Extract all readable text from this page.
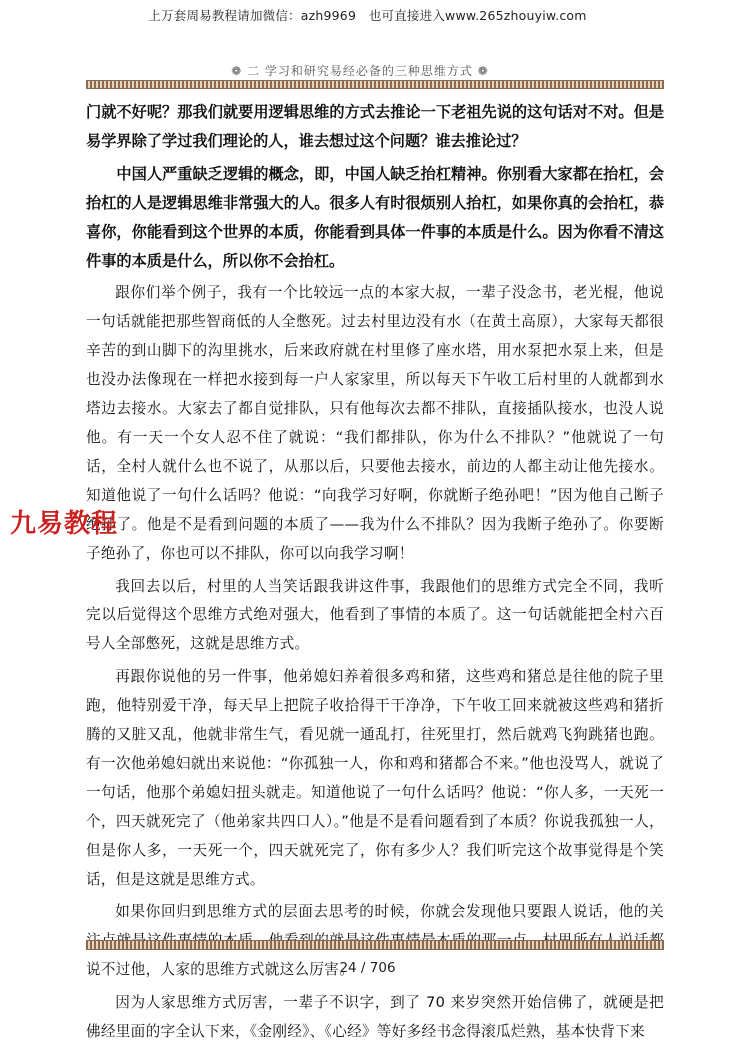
上万套周易教程请加微信：azh9969　也可直接进入www.265zhouyiw.com
❁ 二 学习和研究易经必备的三种思维方式 ❁

门就不好呢？那我们就要用逻辑思维的方式去推论一下老祖先说的这句话对不对。但是易学界除了学过我们理论的人，谁去想过这个问题？谁去推论过？

中国人严重缺乏逻辑的概念，即，中国人缺乏抬杠精神。你别看大家都在抬杠，会抬杠的人是逻辑思维非常强大的人。很多人有时很烦别人抬杠，如果你真的会抬杠，恭喜你，你能看到这个世界的本质，你能看到具体一件事的本质是什么。因为你看不清这件事的本质是什么，所以你不会抬杠。

跟你们举个例子，我有一个比较远一点的本家大叔，一辈子没念书，老光棍，他说一句话就能把那些智商低的人全憋死。过去村里边没有水（在黄土高原），大家每天都很辛苦的到山脚下的沟里挑水，后来政府就在村里修了座水塔，用水泵把水泵上来，但是也没办法像现在一样把水接到每一户人家家里，所以每天下午收工后村里的人就都到水塔边去接水。大家去了都自觉排队，只有他每次去都不排队，直接插队接水，也没人说他。有一天一个女人忍不住了就说：“我们都排队，你为什么不排队？”他就说了一句话，全村人就什么也不说了，从那以后，只要他去接水，前边的人都主动让他先接水。知道他说了一句什么话吗？他说：“向我学习好啊，你就断子绝孙吧！”因为他自己断子绝孙了。他是不是看到问题的本质了——我为什么不排队？因为我断子绝孙了。你要断子绝孙了，你也可以不排队，你可以向我学习啊！

我回去以后，村里的人当笑话跟我讲这件事，我跟他们的思维方式完全不同，我听完以后觉得这个思维方式绝对强大，他看到了事情的本质了。这一句话就能把全村六百号人全部憋死，这就是思维方式。

再跟你说他的另一件事，他弟媳妇养着很多鸡和猪，这些鸡和猪总是往他的院子里跑，他特别爱干净，每天早上把院子收拾得干干净净，下午收工回来就被这些鸡和猪折腾的又脏又乱，他就非常生气，看见就一通乱打，往死里打，然后就鸡飞狗跳猪也跑。有一次他弟媳妇就出来说他：“你孤独一人，你和鸡和猪都合不来。”他也没骂人，就说了一句话，他那个弟媳妇扭头就走。知道他说了一句什么话吗？他说：“你人多，一天死一个，四天就死完了（他弟家共四口人）。”他是不是看问题看到了本质？你说我孤独一人，但是你人多，一天死一个，四天就死完了，你有多少人？我们听完这个故事觉得是个笑话，但是这就是思维方式。

如果你回归到思维方式的层面去思考的时候，你就会发现他只要跟人说话，他的关 说不过他，人家的思维方式就这么厉害。

因为人家思维方式厉害，一辈子不识字，到了 70 来岁突然开始信佛了，就硬是把佛经里面的字全认下来，《金刚经》、《心经》等好多经书念得滚瓜烂熟，基本快背下来

九易教程
24 / 706
